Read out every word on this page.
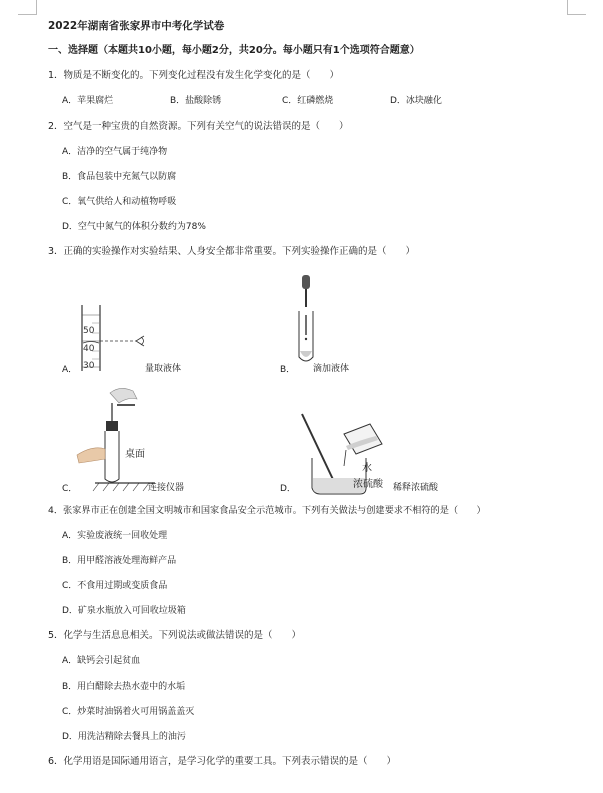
2022年湖南省张家界市中考化学试卷
一、选择题（本题共10小题，每小题2分，共20分。每小题只有1个选项符合题意）
1．物质是不断变化的。下列变化过程没有发生化学变化的是（　　）
A．苹果腐烂	B．盐酸除锈	C．红磷燃烧	D．冰块融化
2．空气是一种宝贵的自然资源。下列有关空气的说法错误的是（　　）
A．洁净的空气属于纯净物
B．食品包装中充氮气以防腐
C．氧气供给人和动植物呼吸
D．空气中氮气的体积分数约为78%
3．正确的实验操作对实验结果、人身安全都非常重要。下列实验操作正确的是（　　）
50
40
30
A．	量取液体	B． 滴加液体
桌面
C．	连接仪器
水
浓硫酸
D．	稀释浓硫酸
4．张家界市正在创建全国文明城市和国家食品安全示范城市。下列有关做法与创建要求不相符的是（　　）
A．实验废液统一回收处理
B．用甲醛溶液处理海鲜产品
C．不食用过期或变质食品
D．矿泉水瓶放入可回收垃圾箱
5．化学与生活息息相关。下列说法或做法错误的是（　　）
A．缺钙会引起贫血
B．用白醋除去热水壶中的水垢
C．炒菜时油锅着火可用锅盖盖灭
D．用洗洁精除去餐具上的油污
6．化学用语是国际通用语言，是学习化学的重要工具。下列表示错误的是（　　）
